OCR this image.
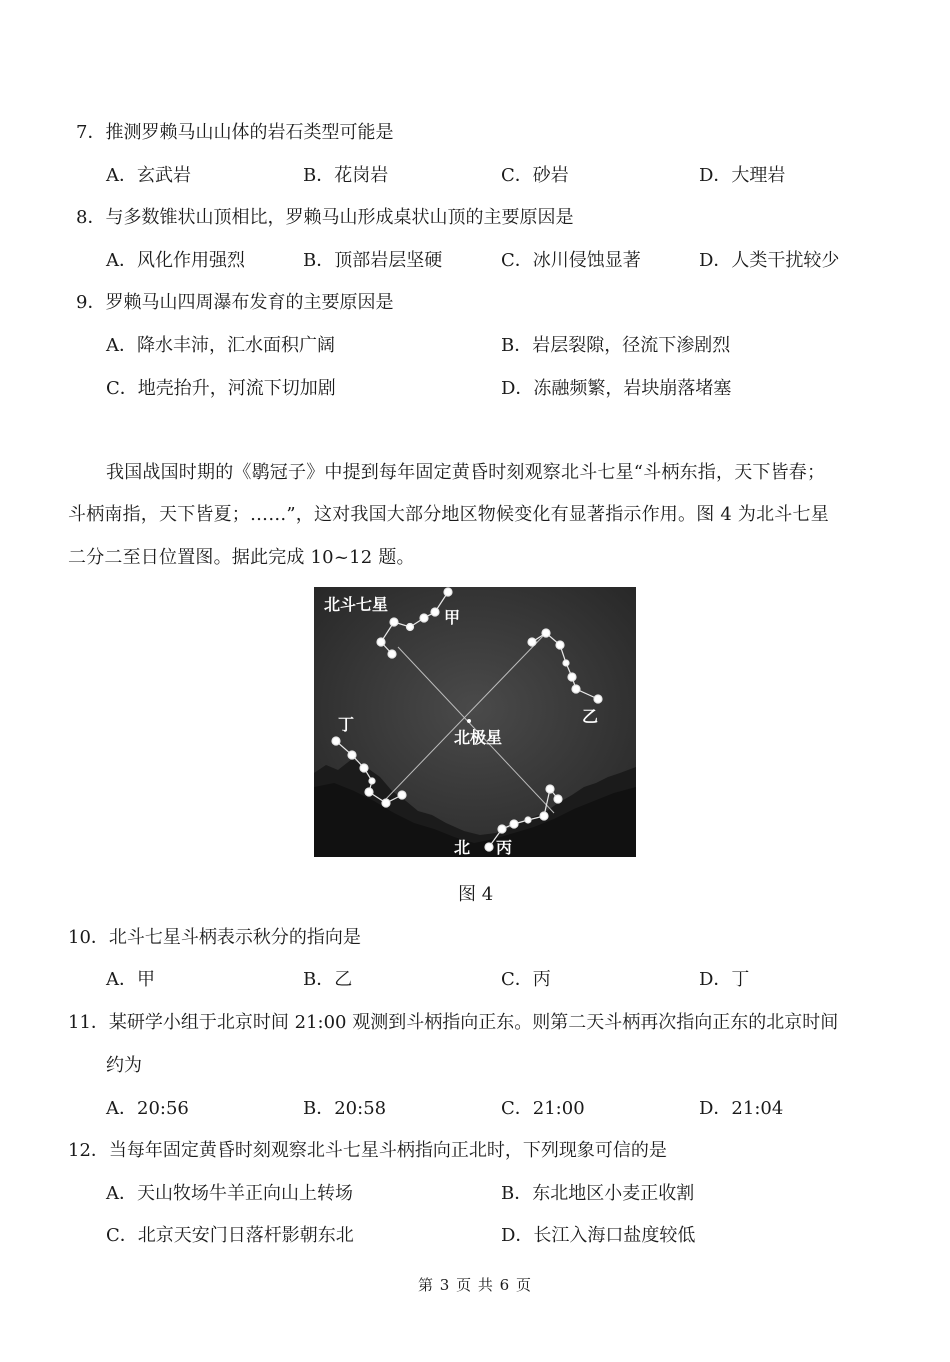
7．推测罗赖马山山体的岩石类型可能是
A．玄武岩	B．花岗岩	C．砂岩	D．大理岩
8．与多数锥状山顶相比，罗赖马山形成桌状山顶的主要原因是
A．风化作用强烈	B．顶部岩层坚硬	C．冰川侵蚀显著	D．人类干扰较少
9．罗赖马山四周瀑布发育的主要原因是
A．降水丰沛，汇水面积广阔	B．岩层裂隙，径流下渗剧烈
C．地壳抬升，河流下切加剧	D．冻融频繁，岩块崩落堵塞
我国战国时期的《鹖冠子》中提到每年固定黄昏时刻观察北斗七星“斗柄东指，天下皆春；
斗柄南指，天下皆夏；……”，这对我国大部分地区物候变化有显著指示作用。图 4 为北斗七星
二分二至日位置图。据此完成 10~12 题。
北斗七星
甲
乙
北极星
丁
北 丙
图 4
10．北斗七星斗柄表示秋分的指向是
A．甲	B．乙	C．丙	D．丁
11．某研学小组于北京时间 21:00 观测到斗柄指向正东。则第二天斗柄再次指向正东的北京时间
约为
A．20:56	B．20:58	C．21:00	D．21:04
12．当每年固定黄昏时刻观察北斗七星斗柄指向正北时，下列现象可信的是
A．天山牧场牛羊正向山上转场	B．东北地区小麦正收割
C．北京天安门日落杆影朝东北	D．长江入海口盐度较低
第 3 页 共 6 页
